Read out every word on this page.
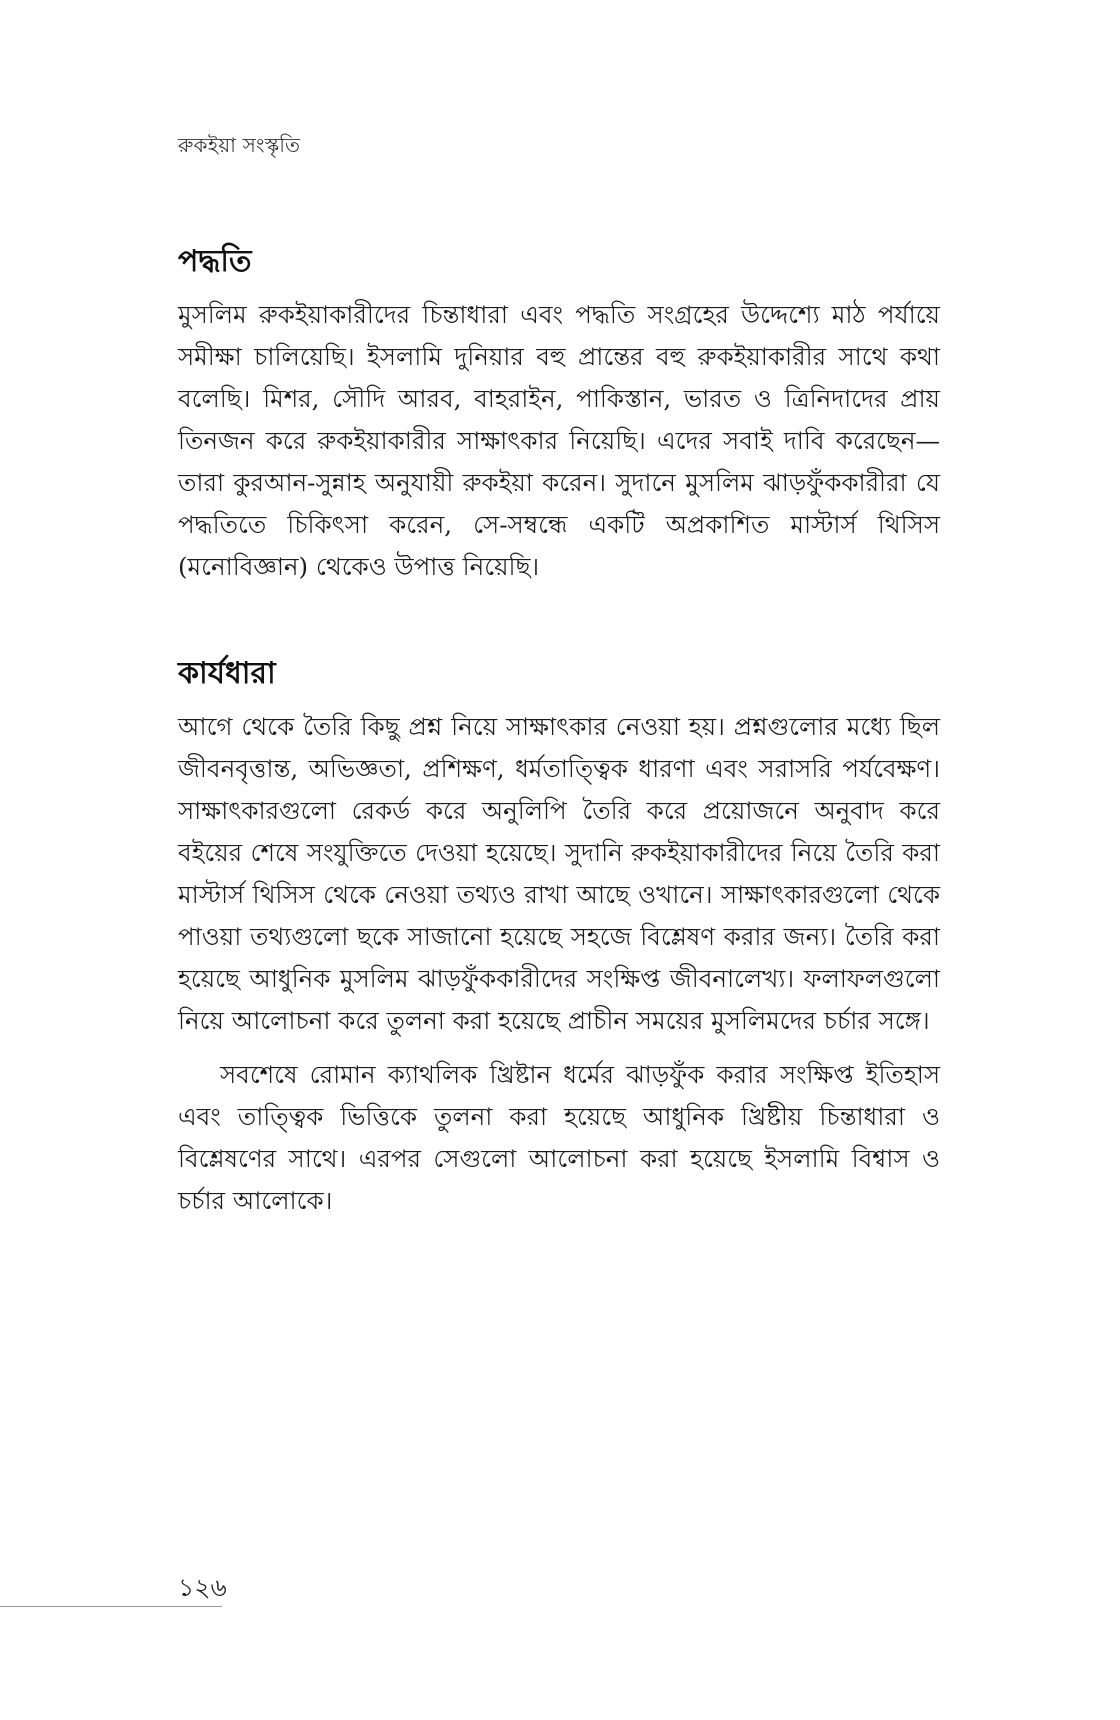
রুকইয়া সংস্কৃতি
পদ্ধতি

মুসলিম রুকইয়াকারীদের চিন্তাধারা এবং পদ্ধতি সংগ্রহের উদ্দেশ্যে মাঠ পর্যায়ে সমীক্ষা চালিয়েছি। ইসলামি দুনিয়ার বহু প্রান্তের বহু রুকইয়াকারীর সাথে কথা বলেছি। মিশর, সৌদি আরব, বাহরাইন, পাকিস্তান, ভারত ও ত্রিনিদাদের প্রায় তিনজন করে রুকইয়াকারীর সাক্ষাৎকার নিয়েছি। এদের সবাই দাবি করেছেন—তারা কুরআন-সুন্নাহ অনুযায়ী রুকইয়া করেন। সুদানে মুসলিম ঝাড়ফুঁককারীরা যে পদ্ধতিতে চিকিৎসা করেন, সে-সম্বন্ধে একটি অপ্রকাশিত মাস্টার্স থিসিস (মনোবিজ্ঞান) থেকেও উপাত্ত নিয়েছি।

কার্যধারা

আগে থেকে তৈরি কিছু প্রশ্ন নিয়ে সাক্ষাৎকার নেওয়া হয়। প্রশ্নগুলোর মধ্যে ছিল জীবনবৃত্তান্ত, অভিজ্ঞতা, প্রশিক্ষণ, ধর্মতাত্ত্বিক ধারণা এবং সরাসরি পর্যবেক্ষণ। সাক্ষাৎকারগুলো রেকর্ড করে অনুলিপি তৈরি করে প্রয়োজনে অনুবাদ করে বইয়ের শেষে সংযুক্তিতে দেওয়া হয়েছে। সুদানি রুকইয়াকারীদের নিয়ে তৈরি করা মাস্টার্স থিসিস থেকে নেওয়া তথ্যও রাখা আছে ওখানে। সাক্ষাৎকারগুলো থেকে পাওয়া তথ্যগুলো ছকে সাজানো হয়েছে সহজে বিশ্লেষণ করার জন্য। তৈরি করা হয়েছে আধুনিক মুসলিম ঝাড়ফুঁককারীদের সংক্ষিপ্ত জীবনালেখ্য। ফলাফলগুলো নিয়ে আলোচনা করে তুলনা করা হয়েছে প্রাচীন সময়ের মুসলিমদের চর্চার সঙ্গে।

সবশেষে রোমান ক্যাথলিক খ্রিষ্টান ধর্মের ঝাড়ফুঁক করার সংক্ষিপ্ত ইতিহাস এবং তাত্ত্বিক ভিত্তিকে তুলনা করা হয়েছে আধুনিক খ্রিষ্টীয় চিন্তাধারা ও বিশ্লেষণের সাথে। এরপর সেগুলো আলোচনা করা হয়েছে ইসলামি বিশ্বাস ও চর্চার আলোকে।

১২৬
